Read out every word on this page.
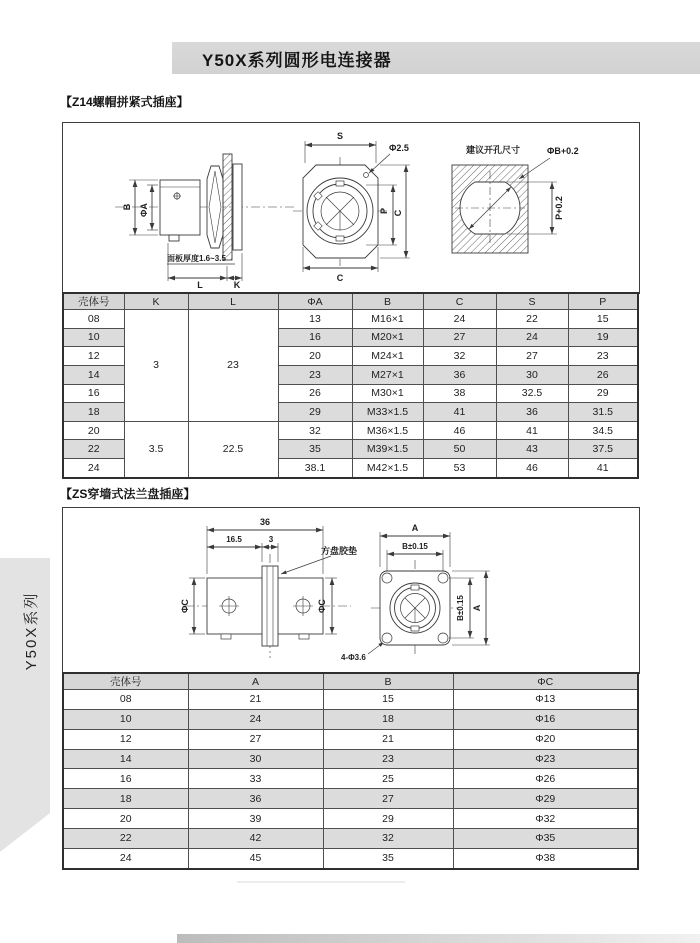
Y50X系列圆形电连接器
Y50X系列
【Z14螺帽拼紧式插座】
B ΦA
面板厚度1.6~3.5
L	K
S
Φ2.5
P C
C
建议开孔尺寸	ΦB+0.2
P+0.2
壳体号	K	L	ΦA	B	C	S	P
08	3	23	13	M16×1	24	22	15
10			16	M20×1	27	24	19
12			20	M24×1	32	27	23
14			23	M27×1	36	30	26
16			26	M30×1	38	32.5	29
18			29	M33×1.5	41	36	31.5
20	3.5	22.5	32	M36×1.5	46	41	34.5
22			35	M39×1.5	50	43	37.5
24			38.1	M42×1.5	53	46	41
【ZS穿墙式法兰盘插座】
36
16.5	3
方盘胶垫
ΦC	ΦC
4-Φ3.6
A
B±0.15
B±0.15 A
壳体号	A	B	ΦC
08	21	15	Φ13
10	24	18	Φ16
12	27	21	Φ20
14	30	23	Φ23
16	33	25	Φ26
18	36	27	Φ29
20	39	29	Φ32
22	42	32	Φ35
24	45	35	Φ38
